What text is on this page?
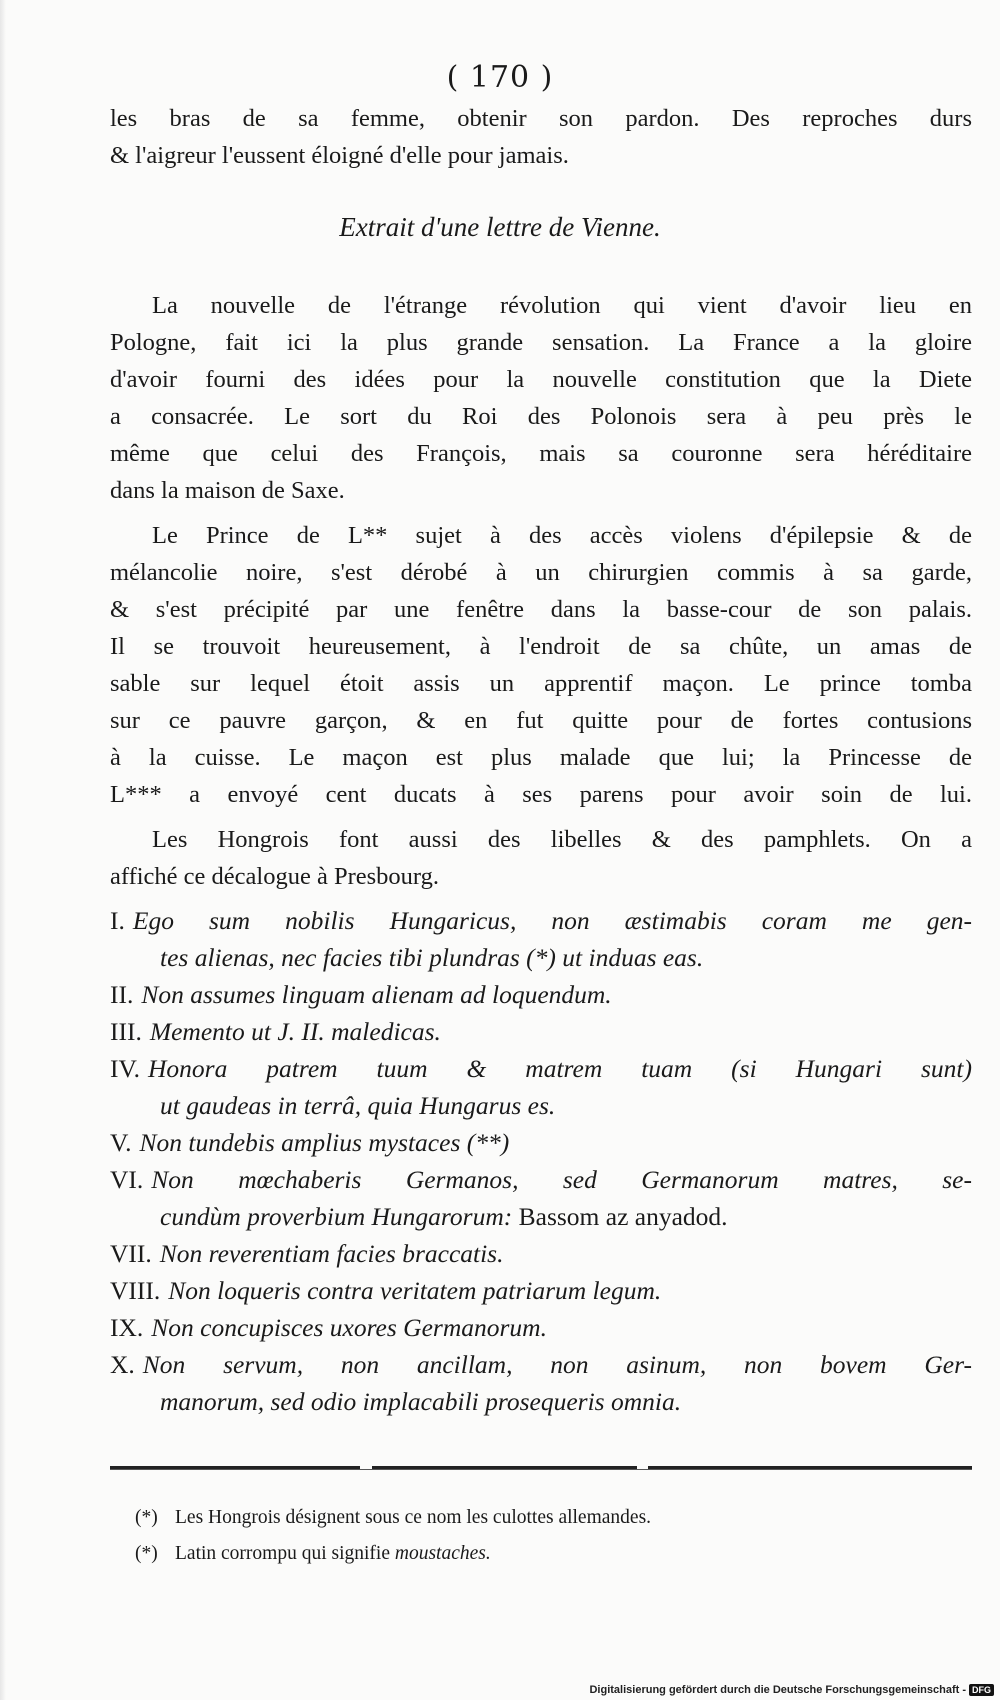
( 170 )
les bras de sa femme, obtenir son pardon. Des reproches durs
& l'aigreur l'eussent éloigné d'elle pour jamais.
Extrait d'une lettre de Vienne.
La nouvelle de l'étrange révolution qui vient d'avoir lieu en
Pologne, fait ici la plus grande sensation. La France a la gloire
d'avoir fourni des idées pour la nouvelle constitution que la Diete
a consacrée. Le sort du Roi des Polonois sera à peu près le
même que celui des François, mais sa couronne sera héréditaire
dans la maison de Saxe.
Le Prince de L** sujet à des accès violens d'épilepsie & de
mélancolie noire, s'est dérobé à un chirurgien commis à sa garde,
& s'est précipité par une fenêtre dans la basse-cour de son palais.
Il se trouvoit heureusement, à l'endroit de sa chûte, un amas de
sable sur lequel étoit assis un apprentif maçon. Le prince tomba
sur ce pauvre garçon, & en fut quitte pour de fortes contusions
à la cuisse. Le maçon est plus malade que lui; la Princesse de
L*** a envoyé cent ducats à ses parens pour avoir soin de lui.
Les Hongrois font aussi des libelles & des pamphlets. On a
affiché ce décalogue à Presbourg.
I. Ego sum nobilis Hungaricus, non æstimabis coram me gen-
tes alienas, nec facies tibi plundras (*) ut induas eas.
II. Non assumes linguam alienam ad loquendum.
III. Memento ut J. II. maledicas.
IV. Honora patrem tuum & matrem tuam (si Hungari sunt)
ut gaudeas in terrâ, quia Hungarus es.
V. Non tundebis amplius mystaces (**)
VI. Non mœchaberis Germanos, sed Germanorum matres, se-
cundùm proverbium Hungarorum: Bassom az anyadod.
VII. Non reverentiam facies braccatis.
VIII. Non loqueris contra veritatem patriarum legum.
IX. Non concupisces uxores Germanorum.
X. Non servum, non ancillam, non asinum, non bovem Ger-
manorum, sed odio implacabili prosequeris omnia.
(*) Les Hongrois désignent sous ce nom les culottes allemandes.
(*) Latin corrompu qui signifie moustaches.
Digitalisierung gefördert durch die Deutsche Forschungsgemeinschaft - DFG
